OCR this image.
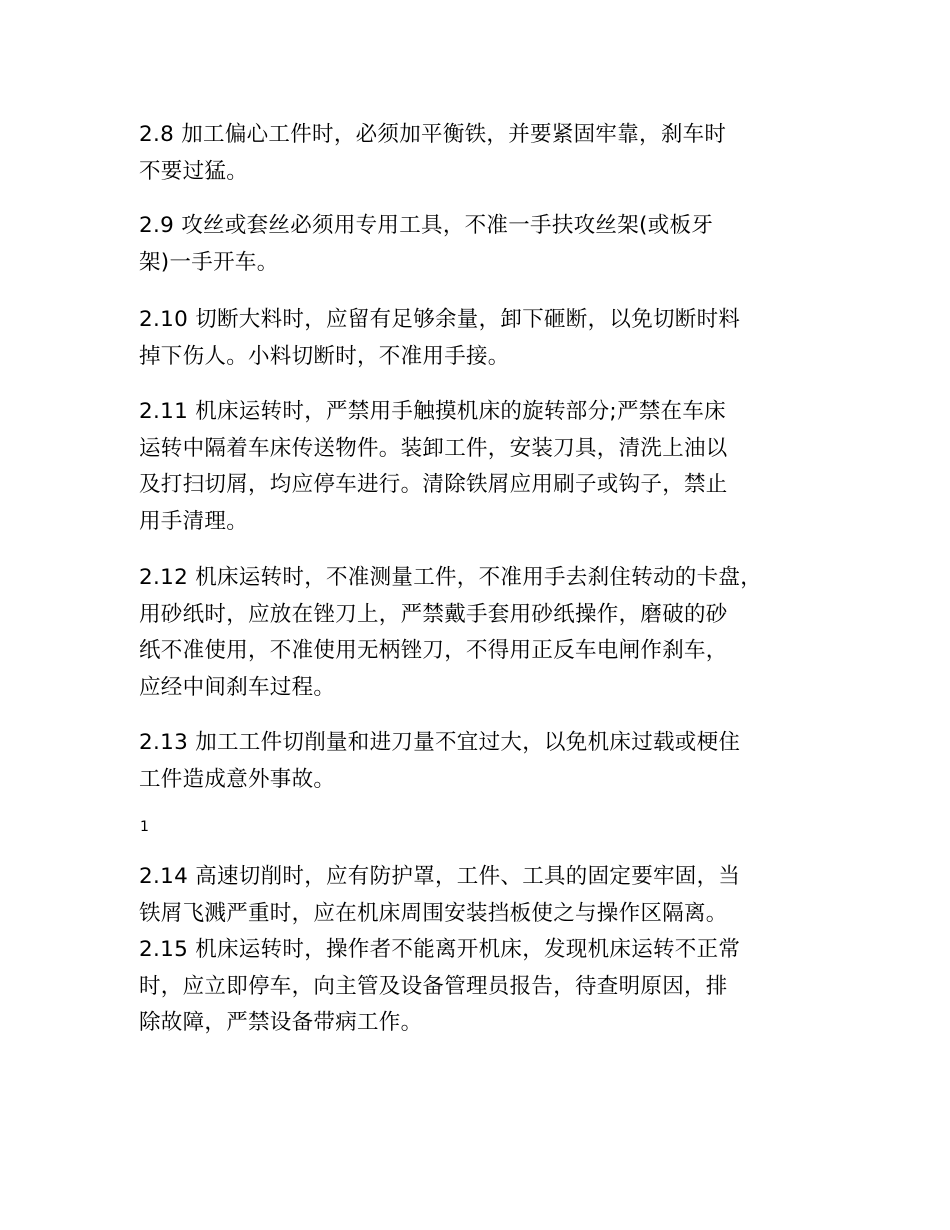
2.8 加工偏心工件时，必须加平衡铁，并要紧固牢靠，刹车时
不要过猛。
2.9 攻丝或套丝必须用专用工具，不准一手扶攻丝架(或板牙
架)一手开车。
2.10 切断大料时，应留有足够余量，卸下砸断，以免切断时料
掉下伤人。小料切断时，不准用手接。
2.11 机床运转时，严禁用手触摸机床的旋转部分;严禁在车床
运转中隔着车床传送物件。装卸工件，安装刀具，清洗上油以
及打扫切屑，均应停车进行。清除铁屑应用刷子或钩子，禁止
用手清理。
2.12 机床运转时，不准测量工件，不准用手去刹住转动的卡盘，
用砂纸时，应放在锉刀上，严禁戴手套用砂纸操作，磨破的砂
纸不准使用，不准使用无柄锉刀，不得用正反车电闸作刹车，
应经中间刹车过程。
2.13 加工工件切削量和进刀量不宜过大，以免机床过载或梗住
工件造成意外事故。
1
2.14 高速切削时，应有防护罩，工件、工具的固定要牢固，当
铁屑飞溅严重时，应在机床周围安装挡板使之与操作区隔离。
2.15 机床运转时，操作者不能离开机床，发现机床运转不正常
时，应立即停车，向主管及设备管理员报告，待查明原因，排
除故障，严禁设备带病工作。
